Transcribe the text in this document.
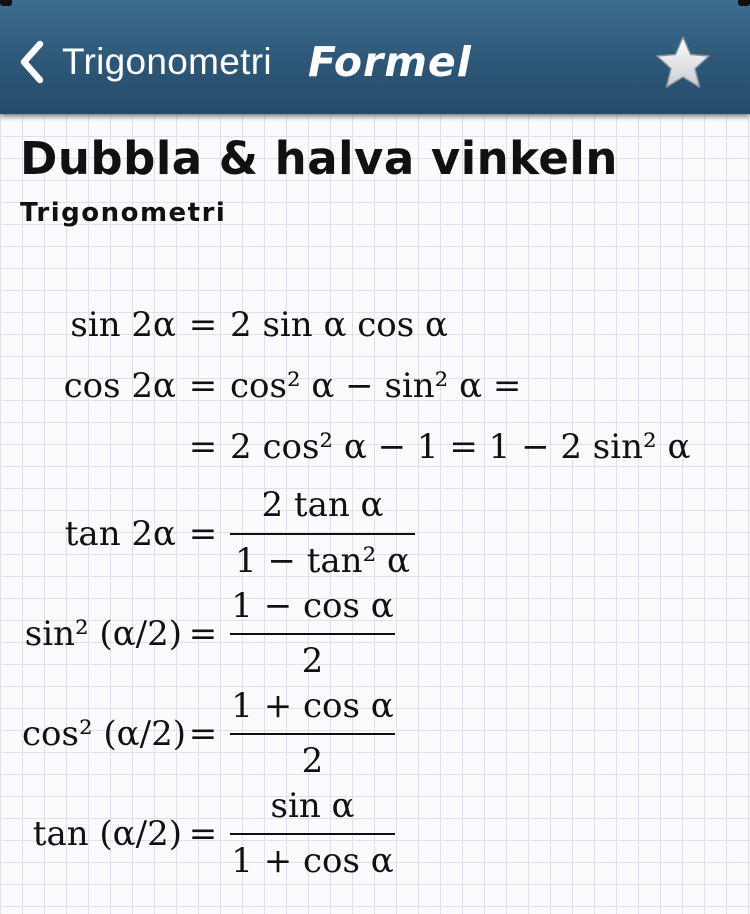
Trigonometri Formel
Dubbla & halva vinkeln
Trigonometri
sin 2α = 2 sin α cos α
cos 2α = cos² α − sin² α =
= 2 cos² α − 1 = 1 − 2 sin² α
tan 2α =
2 tan α
1 − tan² α
sin² (α/2) =
1 − cos α
2
cos² (α/2) =
1 + cos α
2
tan (α/2) =
sin α
1 + cos α
